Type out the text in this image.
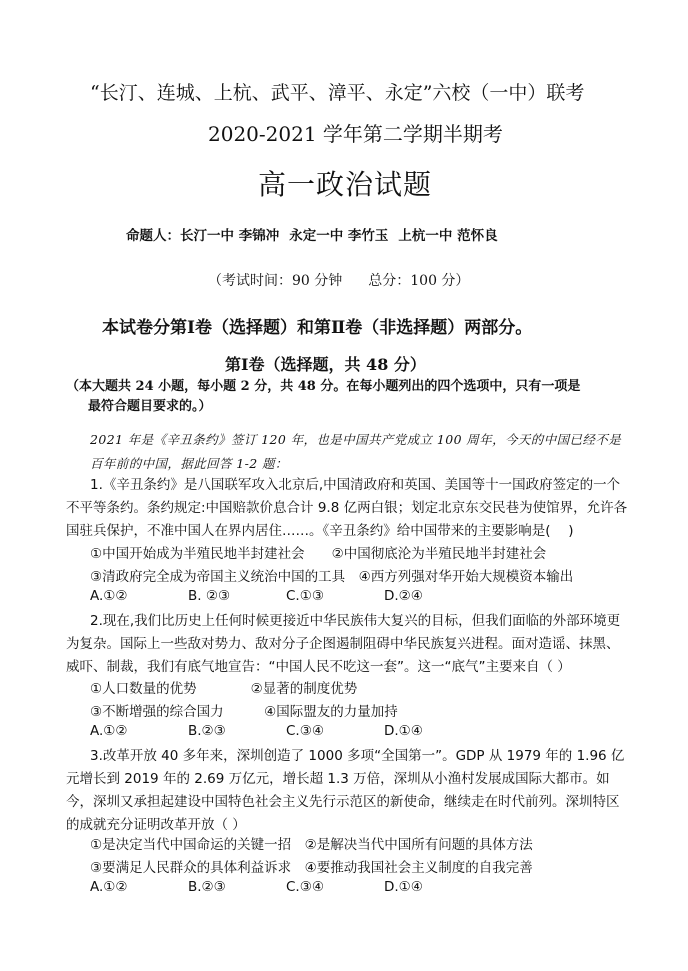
“长汀、连城、上杭、武平、漳平、永定”六校（一中）联考
2020-2021 学年第二学期半期考
高一政治试题
命题人：长汀一中 李锦冲 永定一中 李竹玉 上杭一中 范怀良
（考试时间：90 分钟 总分：100 分）
本试卷分第Ⅰ卷（选择题）和第Ⅱ卷（非选择题）两部分。
第Ⅰ卷（选择题，共 48 分）
（本大题共 24 小题，每小题 2 分，共 48 分。在每小题列出的四个选项中，只有一项是
最符合题目要求的。）
2021 年是《辛丑条约》签订 120 年，也是中国共产党成立 100 周年，今天的中国已经不是百年前的中国，据此回答 1-2 题：
1.《辛丑条约》是八国联军攻入北京后,中国清政府和英国、美国等十一国政府签定的一个不平等条约。条约规定:中国赔款价息合计 9.8 亿两白银；划定北京东交民巷为使馆界，允许各国驻兵保护，不准中国人在界内居住……。《辛丑条约》给中国带来的主要影响是(　 )
①中国开始成为半殖民地半封建社会　　②中国彻底沦为半殖民地半封建社会
③清政府完全成为帝国主义统治中国的工具　④西方列强对华开始大规模资本输出
A.①②	B. ②③	C.①③	D.②④
2.现在,我们比历史上任何时候更接近中华民族伟大复兴的目标，但我们面临的外部环境更为复杂。国际上一些敌对势力、敌对分子企图遏制阻碍中华民族复兴进程。面对造谣、抹黑、威吓、制裁，我们有底气地宣告：“中国人民不吃这一套”。这一“底气”主要来自（ ）
①人口数量的优势　　　　②显著的制度优势
③不断增强的综合国力　　　④国际盟友的力量加持
A.①②	B.②③	C.③④	D.①④
3.改革开放 40 多年来，深圳创造了 1000 多项“全国第一”。GDP 从 1979 年的 1.96 亿元增长到 2019 年的 2.69 万亿元，增长超 1.3 万倍，深圳从小渔村发展成国际大都市。如今，深圳又承担起建设中国特色社会主义先行示范区的新使命，继续走在时代前列。深圳特区的成就充分证明改革开放（ ）
①是决定当代中国命运的关键一招　②是解决当代中国所有问题的具体方法
③要满足人民群众的具体利益诉求　④要推动我国社会主义制度的自我完善
A.①②	B.②③	C.③④	D.①④
